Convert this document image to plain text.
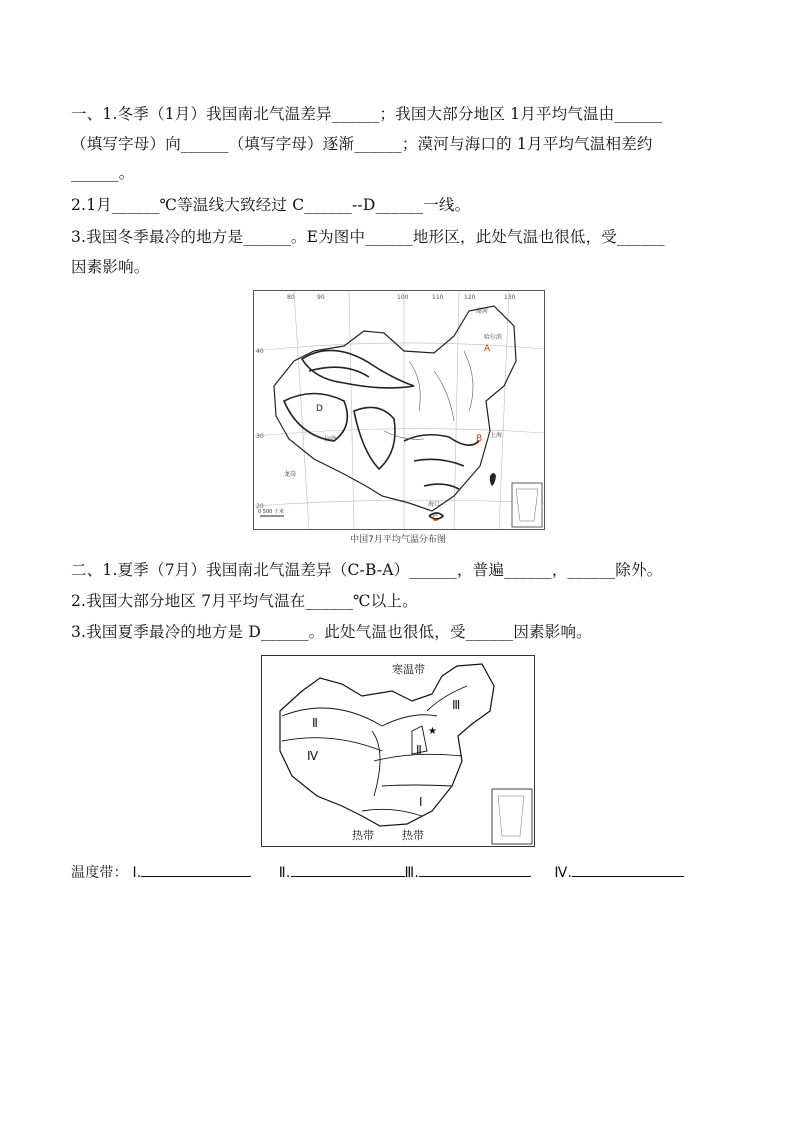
一、1.冬季（1月）我国南北气温差异______；我国大部分地区 1月平均气温由______
（填写字母）向______（填写字母）逐渐______；漠河与海口的 1月平均气温相差约
______。
2.1月______℃等温线大致经过 C______--D______一线。
3.我国冬季最冷的地方是______。E为图中______地形区，此处气温也很低，受______
因素影响。
0 500 千米
80	90	100	110	120	130
40
30
20
A
B
C
D
拉萨
龙岗
海口
哈尔滨
上海
漠河
中国7月平均气温分布图
二、1.夏季（7月）我国南北气温差异（C-B-A）______，普遍______，______除外。
2.我国大部分地区 7月平均气温在______℃以上。
3.我国夏季最冷的地方是 D______。此处气温也很低，受______因素影响。
寒温带
热带	热带
Ⅰ
Ⅱ
Ⅱ
Ⅲ
Ⅳ
★
温度带： Ⅰ.	Ⅱ.	Ⅲ.	Ⅳ.
